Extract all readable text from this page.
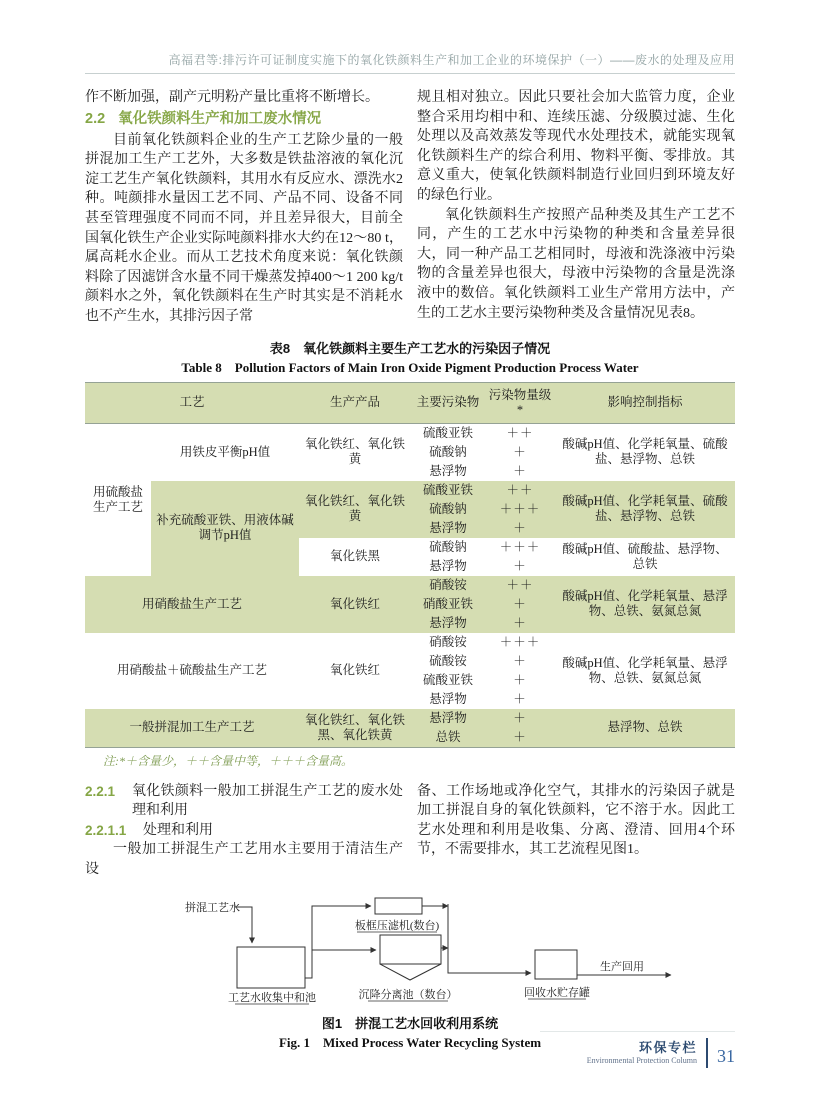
高福君等:排污许可证制度实施下的氧化铁颜料生产和加工企业的环境保护（一）——废水的处理及应用

作不断加强，副产元明粉产量比重将不断增长。

2.2 氧化铁颜料生产和加工废水情况

目前氧化铁颜料企业的生产工艺除少量的一般拼混加工生产工艺外，大多数是铁盐溶液的氧化沉淀工艺生产氧化铁颜料，其用水有反应水、漂洗水2种。吨颜排水量因工艺不同、产品不同、设备不同甚至管理强度不同而不同，并且差异很大，目前全国氧化铁生产企业实际吨颜料排水大约在12～80 t，属高耗水企业。而从工艺技术角度来说：氧化铁颜料除了因滤饼含水量不同干燥蒸发掉400～1 200 kg/t颜料水之外，氧化铁颜料在生产时其实是不消耗水也不产生水，其排污因子常

规且相对独立。因此只要社会加大监管力度，企业整合采用均相中和、连续压滤、分级膜过滤、生化处理以及高效蒸发等现代水处理技术，就能实现氧化铁颜料生产的综合利用、物料平衡、零排放。其意义重大，使氧化铁颜料制造行业回归到环境友好的绿色行业。

氧化铁颜料生产按照产品种类及其生产工艺不同，产生的工艺水中污染物的种类和含量差异很大，同一种产品工艺相同时，母液和洗涤液中污染物的含量差异也很大，母液中污染物的含量是洗涤液中的数倍。氧化铁颜料工业生产常用方法中，产生的工艺水主要污染物种类及含量情况见表8。

表8　氧化铁颜料主要生产工艺水的污染因子情况
Table 8　Pollution Factors of Main Iron Oxide Pigment Production Process Water
工艺		生产产品	主要污染物	污染物量级*	影响控制指标
用硫酸盐生产工艺	用铁皮平衡pH值	氧化铁红、氧化铁黄	硫酸亚铁	＋＋	酸碱pH值、化学耗氧量、硫酸盐、悬浮物、总铁
			硫酸钠	＋	
			悬浮物	＋	
	补充硫酸亚铁、用液体碱调节pH值	氧化铁红、氧化铁黄	硫酸亚铁	＋＋	酸碱pH值、化学耗氧量、硫酸盐、悬浮物、总铁
			硫酸钠	＋＋＋	
			悬浮物	＋	
		氧化铁黑	硫酸钠	＋＋＋	酸碱pH值、硫酸盐、悬浮物、总铁
			悬浮物	＋	
用硝酸盐生产工艺		氧化铁红	硝酸铵	＋＋	酸碱pH值、化学耗氧量、悬浮物、总铁、氨氮总氮
			硝酸亚铁	＋	
			悬浮物	＋	
用硝酸盐＋硫酸盐生产工艺		氧化铁红	硝酸铵	＋＋＋	酸碱pH值、化学耗氧量、悬浮物、总铁、氨氮总氮
			硫酸铵	＋	
			硫酸亚铁	＋	
			悬浮物	＋	
一般拼混加工生产工艺		氧化铁红、氧化铁黑、氧化铁黄	悬浮物	＋	悬浮物、总铁
			总铁	＋	
注:*＋含量少，＋＋含量中等，＋＋＋含量高。
2.2.1 氧化铁颜料一般加工拼混生产工艺的废水处理和利用
2.2.1.1 处理和利用

一般加工拼混生产工艺用水主要用于清洁生产设

备、工作场地或净化空气，其排水的污染因子就是加工拼混自身的氧化铁颜料，它不溶于水。因此工艺水处理和利用是收集、分离、澄清、回用4个环节，不需要排水，其工艺流程见图1。

拼混工艺水
工艺水收集中和池
板框压滤机(数台)
沉降分离池（数台）	回收水贮存罐
生产回用
图1　拼混工艺水回收利用系统
Fig. 1　Mixed Process Water Recycling System	环保专栏
Environmental Protection Column	31
